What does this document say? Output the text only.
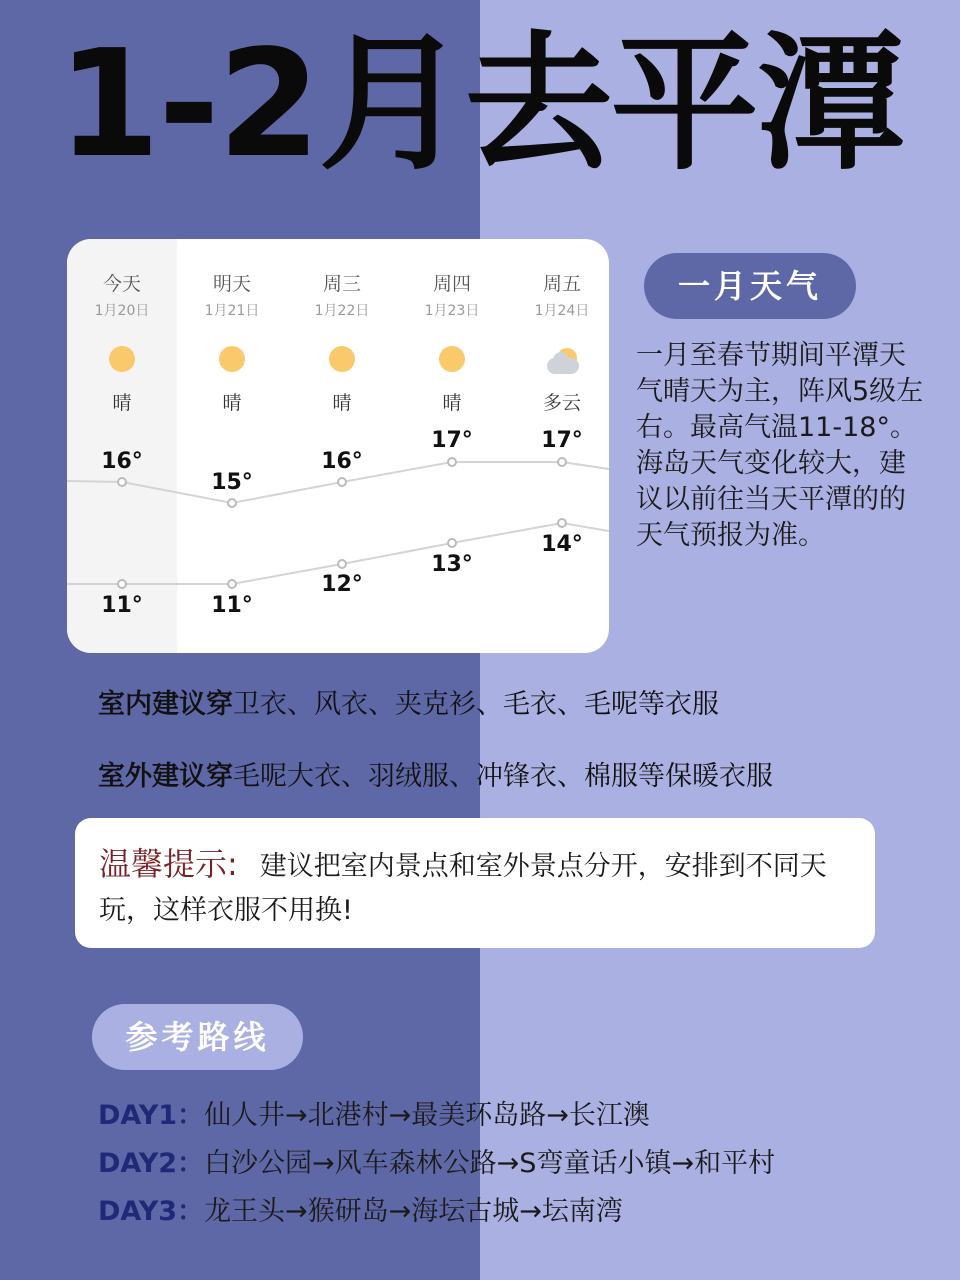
1-2月去平潭
今天
1月20日
晴
明天
1月21日
晴
周三
1月22日
晴
周四
1月23日
晴
周五
1月24日
多云
16°
15°
16°
17°	17°
11°	11°
12°
13°
14°
一月天气
一月至春节期间平潭天气晴天为主，阵风5级左右。最高气温11-18°。海岛天气变化较大，建议以前往当天平潭的的天气预报为准。
室内建议穿卫衣、风衣、夹克衫、毛衣、毛呢等衣服
室外建议穿毛呢大衣、羽绒服、冲锋衣、棉服等保暖衣服
温馨提示: 建议把室内景点和室外景点分开，安排到不同天玩，这样衣服不用换!
参考路线
DAY1：仙人井→北港村→最美环岛路→长江澳
DAY2：白沙公园→风车森林公路→S弯童话小镇→和平村
DAY3：龙王头→猴研岛→海坛古城→坛南湾
